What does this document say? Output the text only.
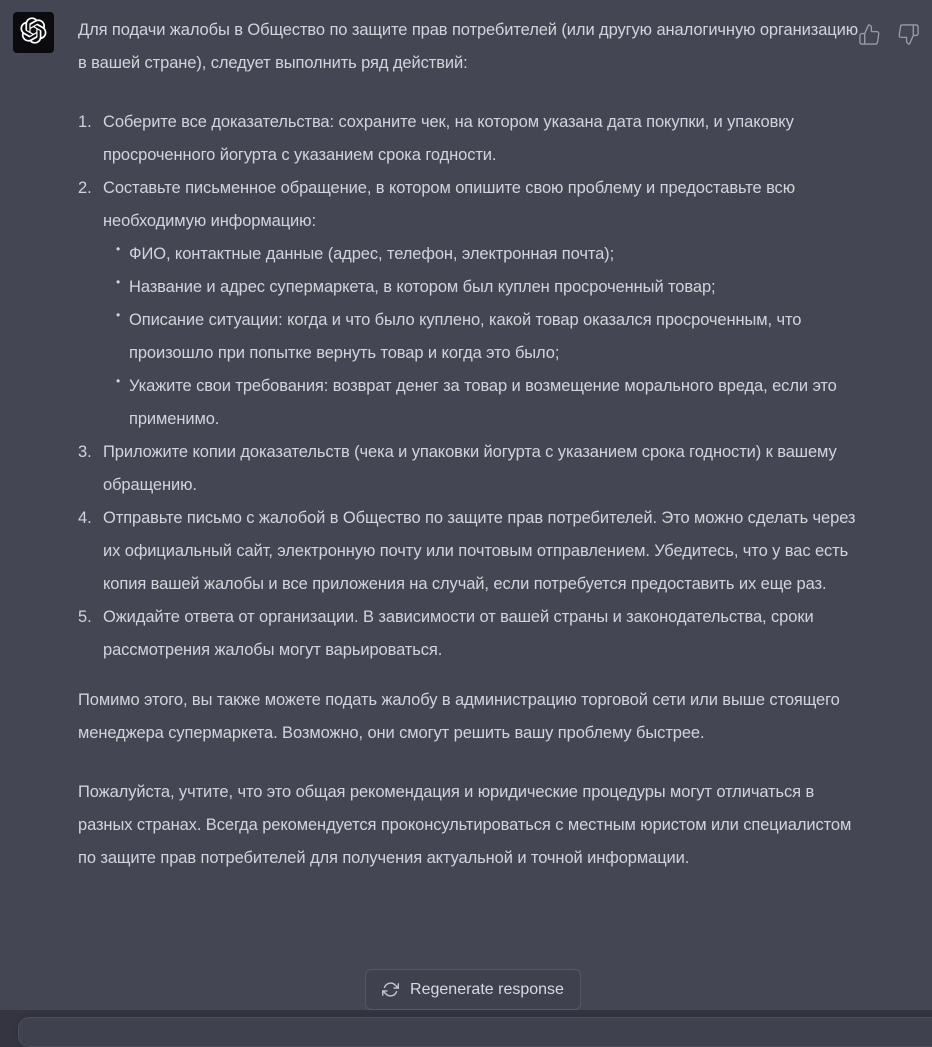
Для подачи жалобы в Общество по защите прав потребителей (или другую аналогичную организацию в вашей стране), следует выполнить ряд действий:

1. Соберите все доказательства: сохраните чек, на котором указана дата покупки, и упаковку просроченного йогурта с указанием срока годности.
2. Составьте письменное обращение, в котором опишите свою проблему и предоставьте всю необходимую информацию:
• ФИО, контактные данные (адрес, телефон, электронная почта);
• Название и адрес супермаркета, в котором был куплен просроченный товар;
• Описание ситуации: когда и что было куплено, какой товар оказался просроченным, что произошло при попытке вернуть товар и когда это было;
• Укажите свои требования: возврат денег за товар и возмещение морального вреда, если это применимо.
3. Приложите копии доказательств (чека и упаковки йогурта с указанием срока годности) к вашему обращению.
4. Отправьте письмо с жалобой в Общество по защите прав потребителей. Это можно сделать через их официальный сайт, электронную почту или почтовым отправлением. Убедитесь, что у вас есть копия вашей жалобы и все приложения на случай, если потребуется предоставить их еще раз.
5. Ожидайте ответа от организации. В зависимости от вашей страны и законодательства, сроки рассмотрения жалобы могут варьироваться.

Помимо этого, вы также можете подать жалобу в администрацию торговой сети или выше стоящего менеджера супермаркета. Возможно, они смогут решить вашу проблему быстрее.

Пожалуйста, учтите, что это общая рекомендация и юридические процедуры могут отличаться в разных странах. Всегда рекомендуется проконсультироваться с местным юристом или специалистом по защите прав потребителей для получения актуальной и точной информации.

Regenerate response
